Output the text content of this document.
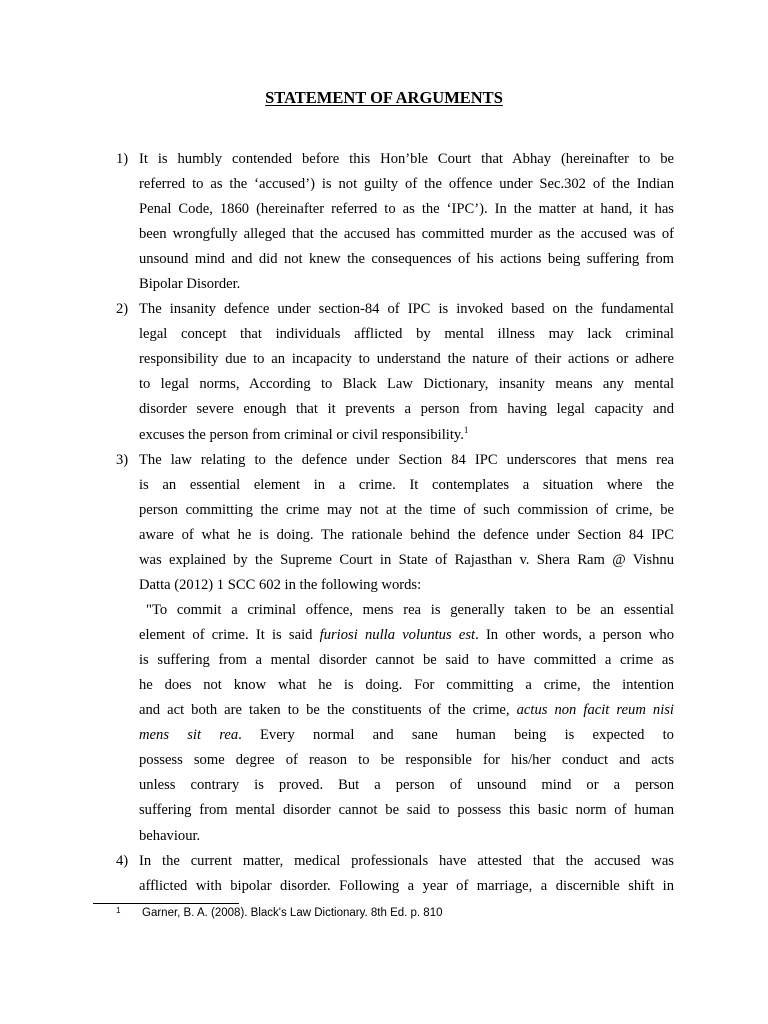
STATEMENT OF ARGUMENTS
1) It is humbly contended before this Hon’ble Court that Abhay (hereinafter to be
referred to as the ‘accused’) is not guilty of the offence under Sec.302 of the Indian
Penal Code, 1860 (hereinafter referred to as the ‘IPC’). In the matter at hand, it has
been wrongfully alleged that the accused has committed murder as the accused was of
unsound mind and did not knew the consequences of his actions being suffering from
Bipolar Disorder.
2) The insanity defence under section-84 of IPC is invoked based on the fundamental
legal concept that individuals afflicted by mental illness may lack criminal
responsibility due to an incapacity to understand the nature of their actions or adhere
to legal norms, According to Black Law Dictionary, insanity means any mental
disorder severe enough that it prevents a person from having legal capacity and
excuses the person from criminal or civil responsibility.$^1$
3) The law relating to the defence under Section 84 IPC underscores that mens rea
is an essential element in a crime. It contemplates a situation where the
person committing the crime may not at the time of such commission of crime, be
aware of what he is doing. The rationale behind the defence under Section 84 IPC
was explained by the Supreme Court in State of Rajasthan v. Shera Ram @ Vishnu
Datta (2012) 1 SCC 602 in the following words:
"To commit a criminal offence, mens rea is generally taken to be an essential
element of crime. It is said furiosi nulla voluntus est. In other words, a person who
is suffering from a mental disorder cannot be said to have committed a crime as
he does not know what he is doing. For committing a crime, the intention
and act both are taken to be the constituents of the crime, actus non facit reum nisi
mens sit rea. Every normal and sane human being is expected to
possess some degree of reason to be responsible for his/her conduct and acts
unless contrary is proved. But a person of unsound mind or a person
suffering from mental disorder cannot be said to possess this basic norm of human
behaviour.
4) In the current matter, medical professionals have attested that the accused was
afflicted with bipolar disorder. Following a year of marriage, a discernible shift in
1 Garner, B. A. (2008). Black's Law Dictionary. 8th Ed. p. 810
